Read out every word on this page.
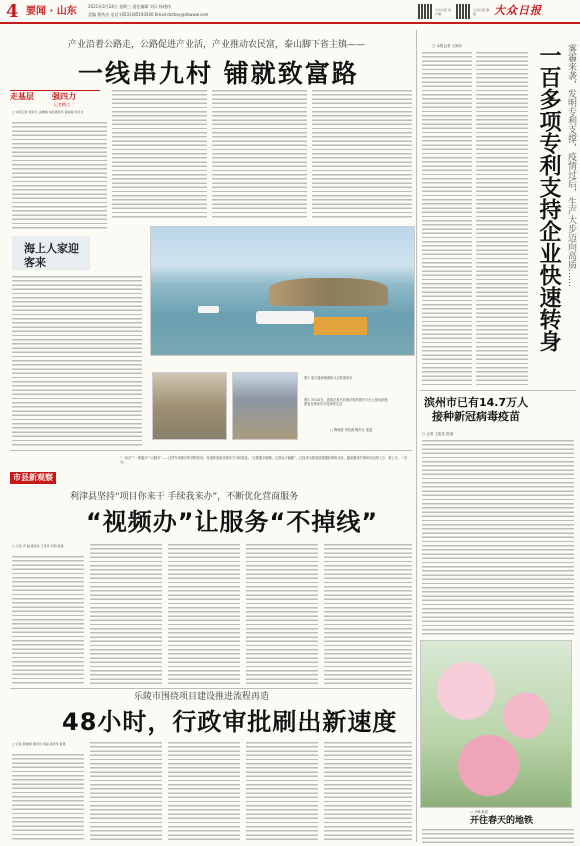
4 要闻 · 山东	2021年3月24日 星期三 责任编辑 刘兵 杨建伟
美编 曹传洁 电话:(0531)85193500 Email:dzrbsy@dzwww.com
大众日报 客户端
大众日报 微信	大众日报
产业沿着公路走，公路促进产业活，产业推动农民富，泰山脚下省主镇——
一线串九村 铺就致富路
走基层 强四力
记者蹲点
□ 本报记者 徐肖凡 孟晓峰 本报通讯员 黄丽娟 刘凡文
海上人家迎客来
图① 夏日蓬海渔港码头边的渔家乐
图② 3月20日，游客在养马岛海洋牧场观光平台上游玩拍照；游客在渔家乐享受渔家生活
□ 陶晓燕 李佳霖 赖杰凡 报道
“一站式”“一网通办”“云服务”……这些年来我们听到的热词，传递的是政务服务方式的改变。“让数据多跑路，让群众少跑腿”，已经成为推进放管服改革的目标，越来越多的事项可以网上办、掌上办、一次办。
市县新观察
利津县坚持“项目你来干 手续我来办”，不断优化营商服务
“视频办”让服务“不掉线”
□ 记者 齐 耐 通讯员 王丹丹 李钢 报道
乐陵市围绕项目建设推进流程再造
48小时，行政审批刷出新速度
□ 记者 陈晓婷 通讯员 刘丽 杨浩军 报道
□ 本报记者 王海东	一百多项专利支持企业快速转身 雾霾来袭，发明专利支撑，疫情过后，生产大步迈向高质……
滨州市已有14.7万人
接种新冠病毒疫苗
□ 记者 王振龙 报道
□ 尹萌 报道
开往春天的地铁
